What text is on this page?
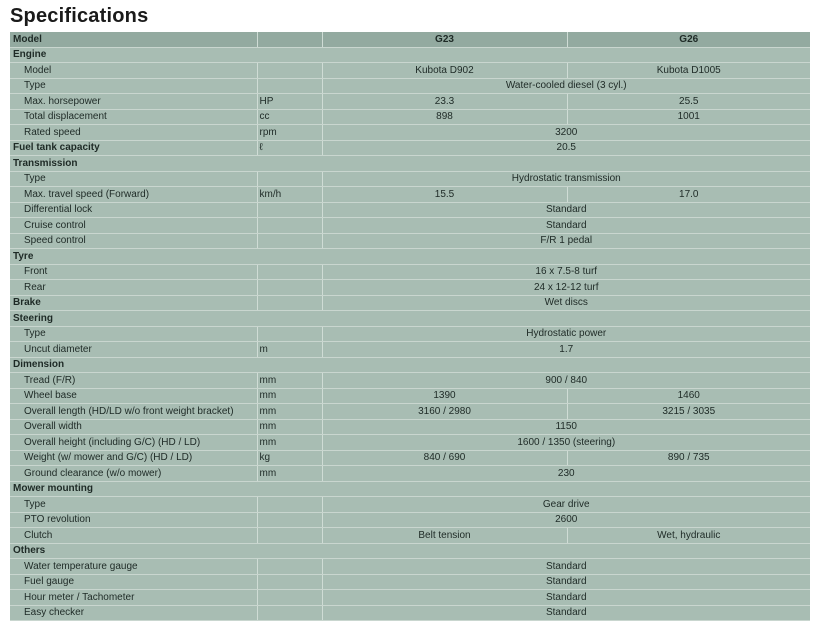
Specifications
Model		G23	G26
Engine			
Model		Kubota D902	Kubota D1005
Type		Water-cooled diesel (3 cyl.)	
Max. horsepower	HP	23.3	25.5
Total displacement	cc	898	1001
Rated speed	rpm	3200	
Fuel tank capacity	ℓ	20.5	
Transmission			
Type		Hydrostatic transmission	
Max. travel speed (Forward)	km/h	15.5	17.0
Differential lock		Standard	
Cruise control		Standard	
Speed control		F/R 1 pedal	
Tyre			
Front		16 x 7.5-8 turf	
Rear		24 x 12-12 turf	
Brake		Wet discs	
Steering			
Type		Hydrostatic power	
Uncut diameter	m	1.7	
Dimension			
Tread (F/R)	mm	900 / 840	
Wheel base	mm	1390	1460
Overall length (HD/LD w/o front weight bracket)	mm	3160 / 2980	3215 / 3035
Overall width	mm	1150	
Overall height (including G/C) (HD / LD)	mm	1600 / 1350 (steering)	
Weight (w/ mower and G/C) (HD / LD)	kg	840 / 690	890 / 735
Ground clearance (w/o mower)	mm	230	
Mower mounting			
Type		Gear drive	
PTO revolution		2600	
Clutch		Belt tension	Wet, hydraulic
Others			
Water temperature gauge		Standard	
Fuel gauge		Standard	
Hour meter / Tachometer		Standard	
Easy checker		Standard	
